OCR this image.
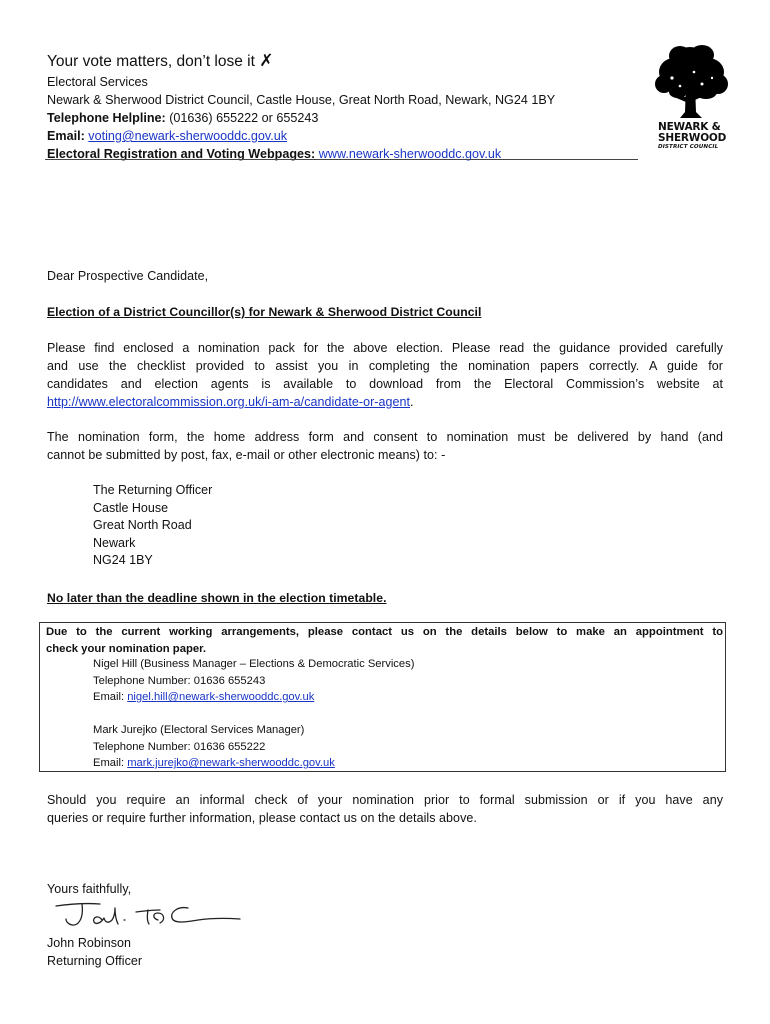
Your vote matters, don’t lose it ✗
Electoral Services
Newark & Sherwood District Council, Castle House, Great North Road, Newark, NG24 1BY
Telephone Helpline: (01636) 655222 or 655243
Email: voting@newark-sherwooddc.gov.uk
Electoral Registration and Voting Webpages: www.newark-sherwooddc.gov.uk
NEWARK &
SHERWOOD
DISTRICT COUNCIL
Dear Prospective Candidate,
Election of a District Councillor(s) for Newark & Sherwood District Council
Please find enclosed a nomination pack for the above election. Please read the guidance provided carefully
and use the checklist provided to assist you in completing the nomination papers correctly. A guide for
candidates and election agents is available to download from the Electoral Commission’s website at
http://www.electoralcommission.org.uk/i-am-a/candidate-or-agent.
The nomination form, the home address form and consent to nomination must be delivered by hand (and
cannot be submitted by post, fax, e-mail or other electronic means) to: -
The Returning Officer
Castle House
Great North Road
Newark
NG24 1BY
No later than the deadline shown in the election timetable.
Due to the current working arrangements, please contact us on the details below to make an appointment to
check your nomination paper.
Nigel Hill (Business Manager – Elections & Democratic Services)
Telephone Number: 01636 655243
Email: nigel.hill@newark-sherwooddc.gov.uk
Mark Jurejko (Electoral Services Manager)
Telephone Number: 01636 655222
Email: mark.jurejko@newark-sherwooddc.gov.uk
Should you require an informal check of your nomination prior to formal submission or if you have any
queries or require further information, please contact us on the details above.
Yours faithfully,
John Robinson
Returning Officer
